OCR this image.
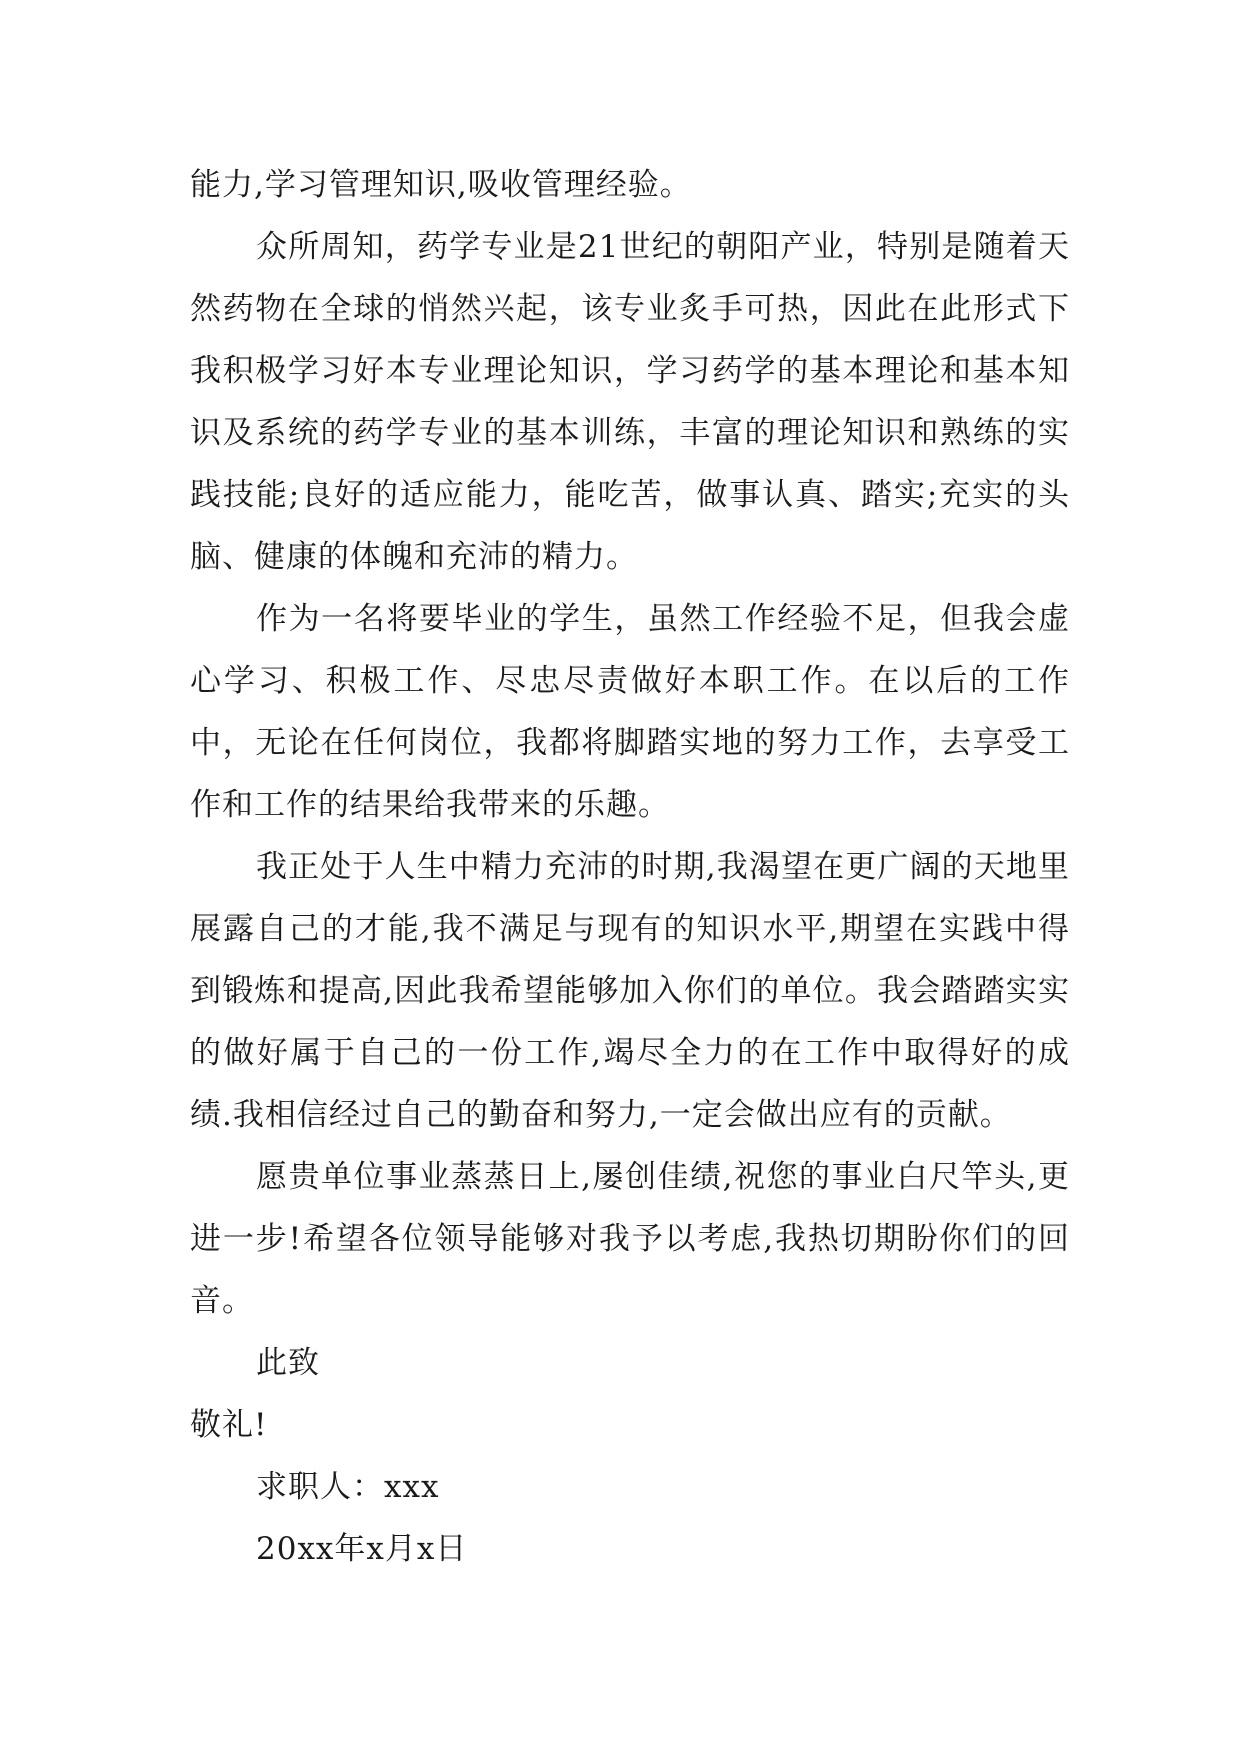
能力,学习管理知识,吸收管理经验。

众所周知，药学专业是21世纪的朝阳产业，特别是随着天然药物在全球的悄然兴起，该专业炙手可热，因此在此形式下我积极学习好本专业理论知识，学习药学的基本理论和基本知识及系统的药学专业的基本训练，丰富的理论知识和熟练的实践技能;良好的适应能力，能吃苦，做事认真、踏实;充实的头脑、健康的体魄和充沛的精力。

作为一名将要毕业的学生，虽然工作经验不足，但我会虚心学习、积极工作、尽忠尽责做好本职工作。在以后的工作中，无论在任何岗位，我都将脚踏实地的努力工作，去享受工作和工作的结果给我带来的乐趣。

我正处于人生中精力充沛的时期,我渴望在更广阔的天地里展露自己的才能,我不满足与现有的知识水平,期望在实践中得到锻炼和提高,因此我希望能够加入你们的单位。我会踏踏实实的做好属于自己的一份工作,竭尽全力的在工作中取得好的成绩.我相信经过自己的勤奋和努力,一定会做出应有的贡献。

愿贵单位事业蒸蒸日上,屡创佳绩,祝您的事业白尺竿头,更进一步!希望各位领导能够对我予以考虑,我热切期盼你们的回音。

此致

敬礼!

求职人：xxx

20xx年x月x日
